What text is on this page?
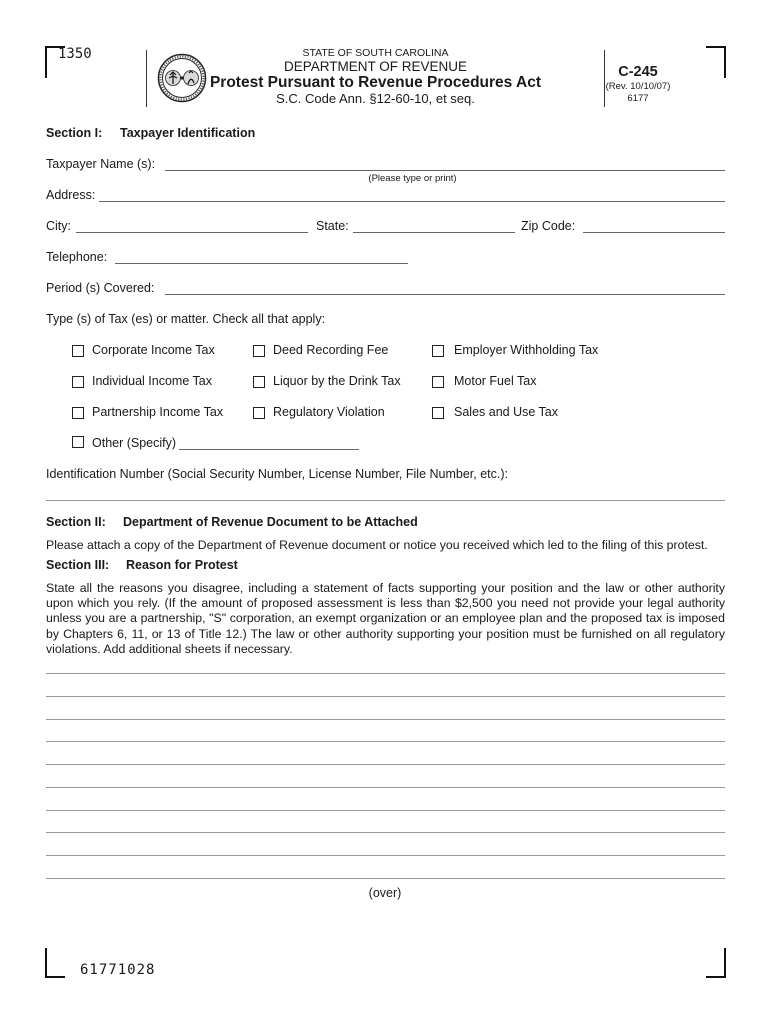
1350
61771028
STATE OF SOUTH CAROLINA
DEPARTMENT OF REVENUE
Protest Pursuant to Revenue Procedures Act
S.C. Code Ann. §12-60-10, et seq.
C-245
(Rev. 10/10/07)
6177
Section I: Taxpayer Identification
Taxpayer Name (s):
(Please type or print)
Address:
City:	State:	Zip Code:
Telephone:
Period (s) Covered:
Type (s) of Tax (es) or matter. Check all that apply:
Corporate Income Tax
Individual Income Tax
Partnership Income Tax
Deed Recording Fee
Liquor by the Drink Tax
Regulatory Violation
Employer Withholding Tax
Motor Fuel Tax
Sales and Use Tax
Other (Specify)
Identification Number (Social Security Number, License Number, File Number, etc.):
Section II: Department of Revenue Document to be Attached
Please attach a copy of the Department of Revenue document or notice you received which led to the filing of this protest.
Section III: Reason for Protest
State all the reasons you disagree, including a statement of facts supporting your position and the law or other authority upon which you rely. (If the amount of proposed assessment is less than $2,500 you need not provide your legal authority unless you are a partnership, "S" corporation, an exempt organization or an employee plan and the proposed tax is imposed by Chapters 6, 11, or 13 of Title 12.) The law or other authority supporting your position must be furnished on all regulatory violations. Add additional sheets if necessary.
(over)
